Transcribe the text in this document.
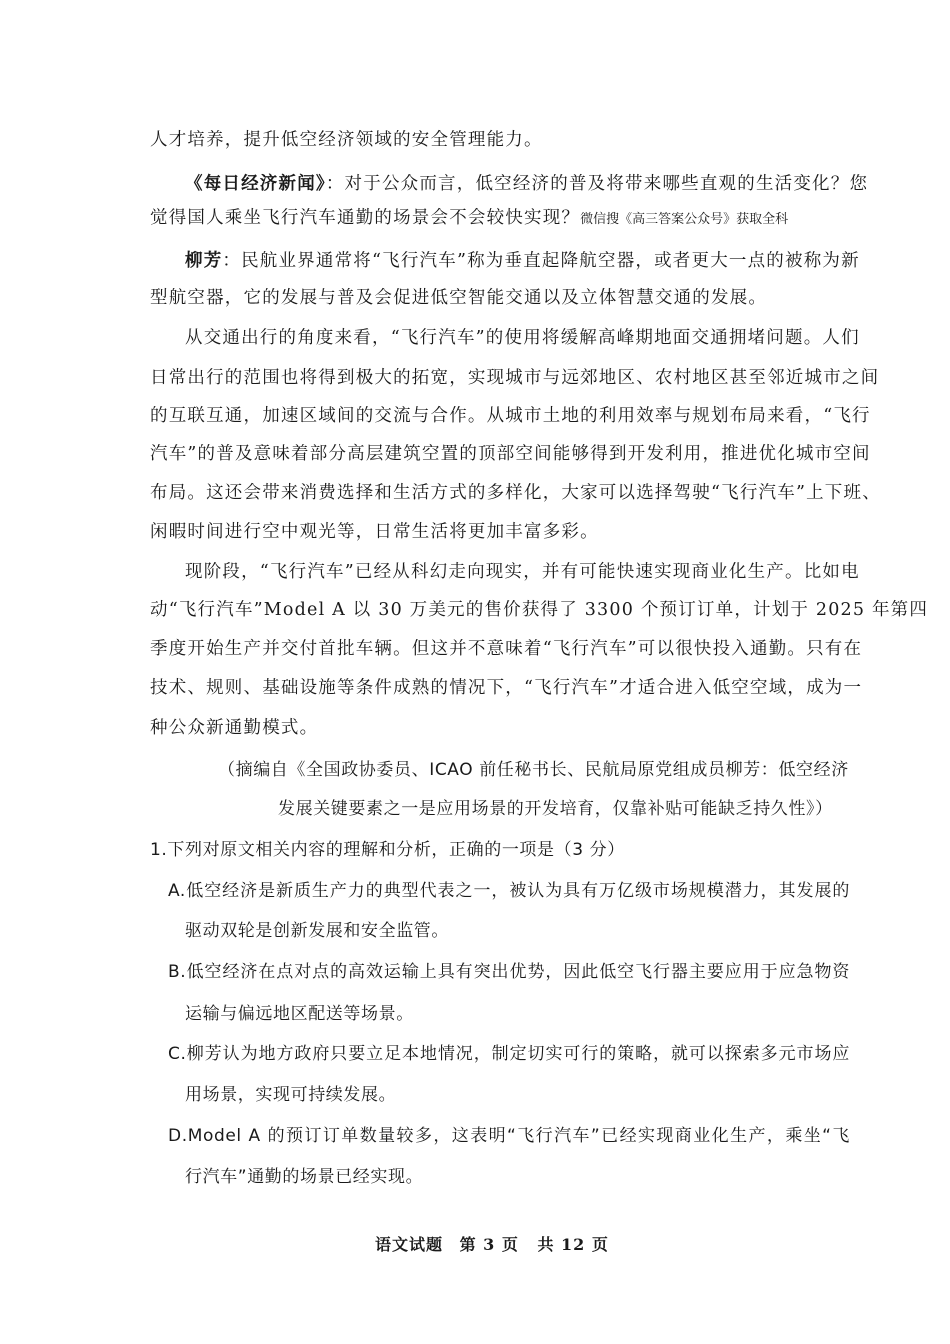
人才培养，提升低空经济领域的安全管理能力。
《每日经济新闻》：对于公众而言，低空经济的普及将带来哪些直观的生活变化？您
觉得国人乘坐飞行汽车通勤的场景会不会较快实现？微信搜《高三答案公众号》获取全科
柳芳：民航业界通常将“飞行汽车”称为垂直起降航空器，或者更大一点的被称为新
型航空器，它的发展与普及会促进低空智能交通以及立体智慧交通的发展。
从交通出行的角度来看，“飞行汽车”的使用将缓解高峰期地面交通拥堵问题。人们
日常出行的范围也将得到极大的拓宽，实现城市与远郊地区、农村地区甚至邻近城市之间
的互联互通，加速区域间的交流与合作。从城市土地的利用效率与规划布局来看，“飞行
汽车”的普及意味着部分高层建筑空置的顶部空间能够得到开发利用，推进优化城市空间
布局。这还会带来消费选择和生活方式的多样化，大家可以选择驾驶“飞行汽车”上下班、
闲暇时间进行空中观光等，日常生活将更加丰富多彩。
现阶段，“飞行汽车”已经从科幻走向现实，并有可能快速实现商业化生产。比如电
动“飞行汽车”Model A 以 30 万美元的售价获得了 3300 个预订订单，计划于 2025 年第四
季度开始生产并交付首批车辆。但这并不意味着“飞行汽车”可以很快投入通勤。只有在
技术、规则、基础设施等条件成熟的情况下，“飞行汽车”才适合进入低空空域，成为一
种公众新通勤模式。
（摘编自《全国政协委员、ICAO 前任秘书长、民航局原党组成员柳芳：低空经济
发展关键要素之一是应用场景的开发培育，仅靠补贴可能缺乏持久性》）
1.下列对原文相关内容的理解和分析，正确的一项是（3 分）
A.低空经济是新质生产力的典型代表之一，被认为具有万亿级市场规模潜力，其发展的
驱动双轮是创新发展和安全监管。
B.低空经济在点对点的高效运输上具有突出优势，因此低空飞行器主要应用于应急物资
运输与偏远地区配送等场景。
C.柳芳认为地方政府只要立足本地情况，制定切实可行的策略，就可以探索多元市场应
用场景，实现可持续发展。
D.Model A 的预订订单数量较多，这表明“飞行汽车”已经实现商业化生产，乘坐“飞
行汽车”通勤的场景已经实现。
语文试题 第 3 页 共 12 页
